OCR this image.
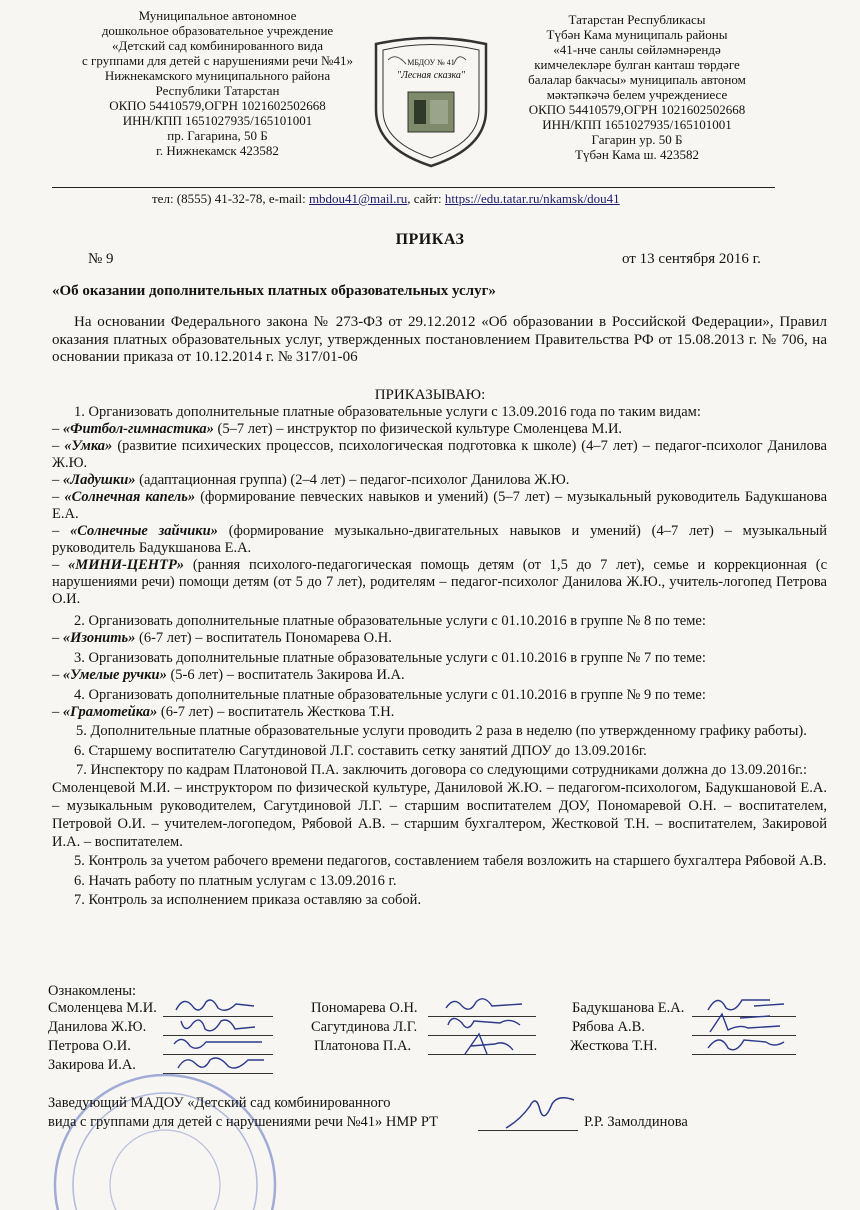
Муниципальное автономное
дошкольное образовательное учреждение
«Детский сад комбинированного вида
с группами для детей с нарушениями речи №41»
Нижнекамского муниципального района
Республики Татарстан
ОКПО 54410579,ОГРН 1021602502668
ИНН/КПП 1651027935/165101001
пр. Гагарина, 50 Б
г. Нижнекамск 423582
МБДОУ № 41
"Лесная сказка"
Татарстан Республикасы
Түбән Кама муниципаль районы
«41-нче санлы сөйләмнәрендә
кимчелекләре булган канташ төрдәге
балалар бакчасы» муниципаль автоном
мәктәпкәчә белем учреждениесе
ОКПО 54410579,ОГРН 1021602502668
ИНН/КПП 1651027935/165101001
Гагарин ур. 50 Б
Түбән Кама ш. 423582
тел: (8555) 41-32-78, e-mail: mbdou41@mail.ru, сайт: https://edu.tatar.ru/nkamsk/dou41
ПРИКАЗ
№ 9	от 13 сентября 2016 г.
«Об оказании дополнительных платных образовательных услуг»
На основании Федерального закона № 273-ФЗ от 29.12.2012 «Об образовании в Российской Федерации», Правил оказания платных образовательных услуг, утвержденных постановлением Правительства РФ от 15.08.2013 г. № 706, на основании приказа от 10.12.2014 г. № 317/01-06
ПРИКАЗЫВАЮ:
1. Организовать дополнительные платные образовательные услуги с 13.09.2016 года по таким видам:
– «Фитбол-гимнастика» (5–7 лет) – инструктор по физической культуре Смоленцева М.И.
– «Умка» (развитие психических процессов, психологическая подготовка к школе) (4–7 лет) – педагог-психолог Данилова Ж.Ю.
– «Ладушки» (адаптационная группа) (2–4 лет) – педагог-психолог Данилова Ж.Ю.
– «Солнечная капель» (формирование певческих навыков и умений) (5–7 лет) – музыкальный руководитель Бадукшанова Е.А.
– «Солнечные зайчики» (формирование музыкально-двигательных навыков и умений) (4–7 лет) – музыкальный руководитель Бадукшанова Е.А.
– «МИНИ-ЦЕНТР» (ранняя психолого-педагогическая помощь детям (от 1,5 до 7 лет), семье и коррекционная (с нарушениями речи) помощи детям (от 5 до 7 лет), родителям – педагог-психолог Данилова Ж.Ю., учитель-логопед Петрова О.И.
2. Организовать дополнительные платные образовательные услуги с 01.10.2016 в группе № 8 по теме:
– «Изонить» (6-7 лет) – воспитатель Пономарева О.Н.
3. Организовать дополнительные платные образовательные услуги с 01.10.2016 в группе № 7 по теме:
– «Умелые ручки» (5-6 лет) – воспитатель Закирова И.А.
4. Организовать дополнительные платные образовательные услуги с 01.10.2016 в группе № 9 по теме:
– «Грамотейка» (6-7 лет) – воспитатель Жесткова Т.Н.
5. Дополнительные платные образовательные услуги проводить 2 раза в неделю (по утвержденному графику работы).
6. Старшему воспитателю Сагутдиновой Л.Г. составить сетку занятий ДПОУ до 13.09.2016г.
7. Инспектору по кадрам Платоновой П.А. заключить договора со следующими сотрудниками должна до 13.09.2016г.:
Смоленцевой М.И. – инструктором по физической культуре, Даниловой Ж.Ю. – педагогом-психологом, Бадукшановой Е.А. – музыкальным руководителем, Сагутдиновой Л.Г. – старшим воспитателем ДОУ, Пономаревой О.Н. – воспитателем, Петровой О.И. – учителем-логопедом, Рябовой А.В. – старшим бухгалтером, Жестковой Т.Н. – воспитателем, Закировой И.А. – воспитателем.
5. Контроль за учетом рабочего времени педагогов, составлением табеля возложить на старшего бухгалтера Рябовой А.В.
6. Начать работу по платным услугам с 13.09.2016 г.
7. Контроль за исполнением приказа оставляю за собой.
Ознакомлены:
Смоленцева М.И.
Данилова Ж.Ю.
Петрова О.И.
Закирова И.А.
Пономарева О.Н.
Сагутдинова Л.Г.
Платонова П.А.
Бадукшанова Е.А.
Рябова А.В.
Жесткова Т.Н.
Заведующий МАДОУ «Детский сад комбинированного
вида с группами для детей с нарушениями речи №41» НМР РТ	Р.Р. Замолдинова
